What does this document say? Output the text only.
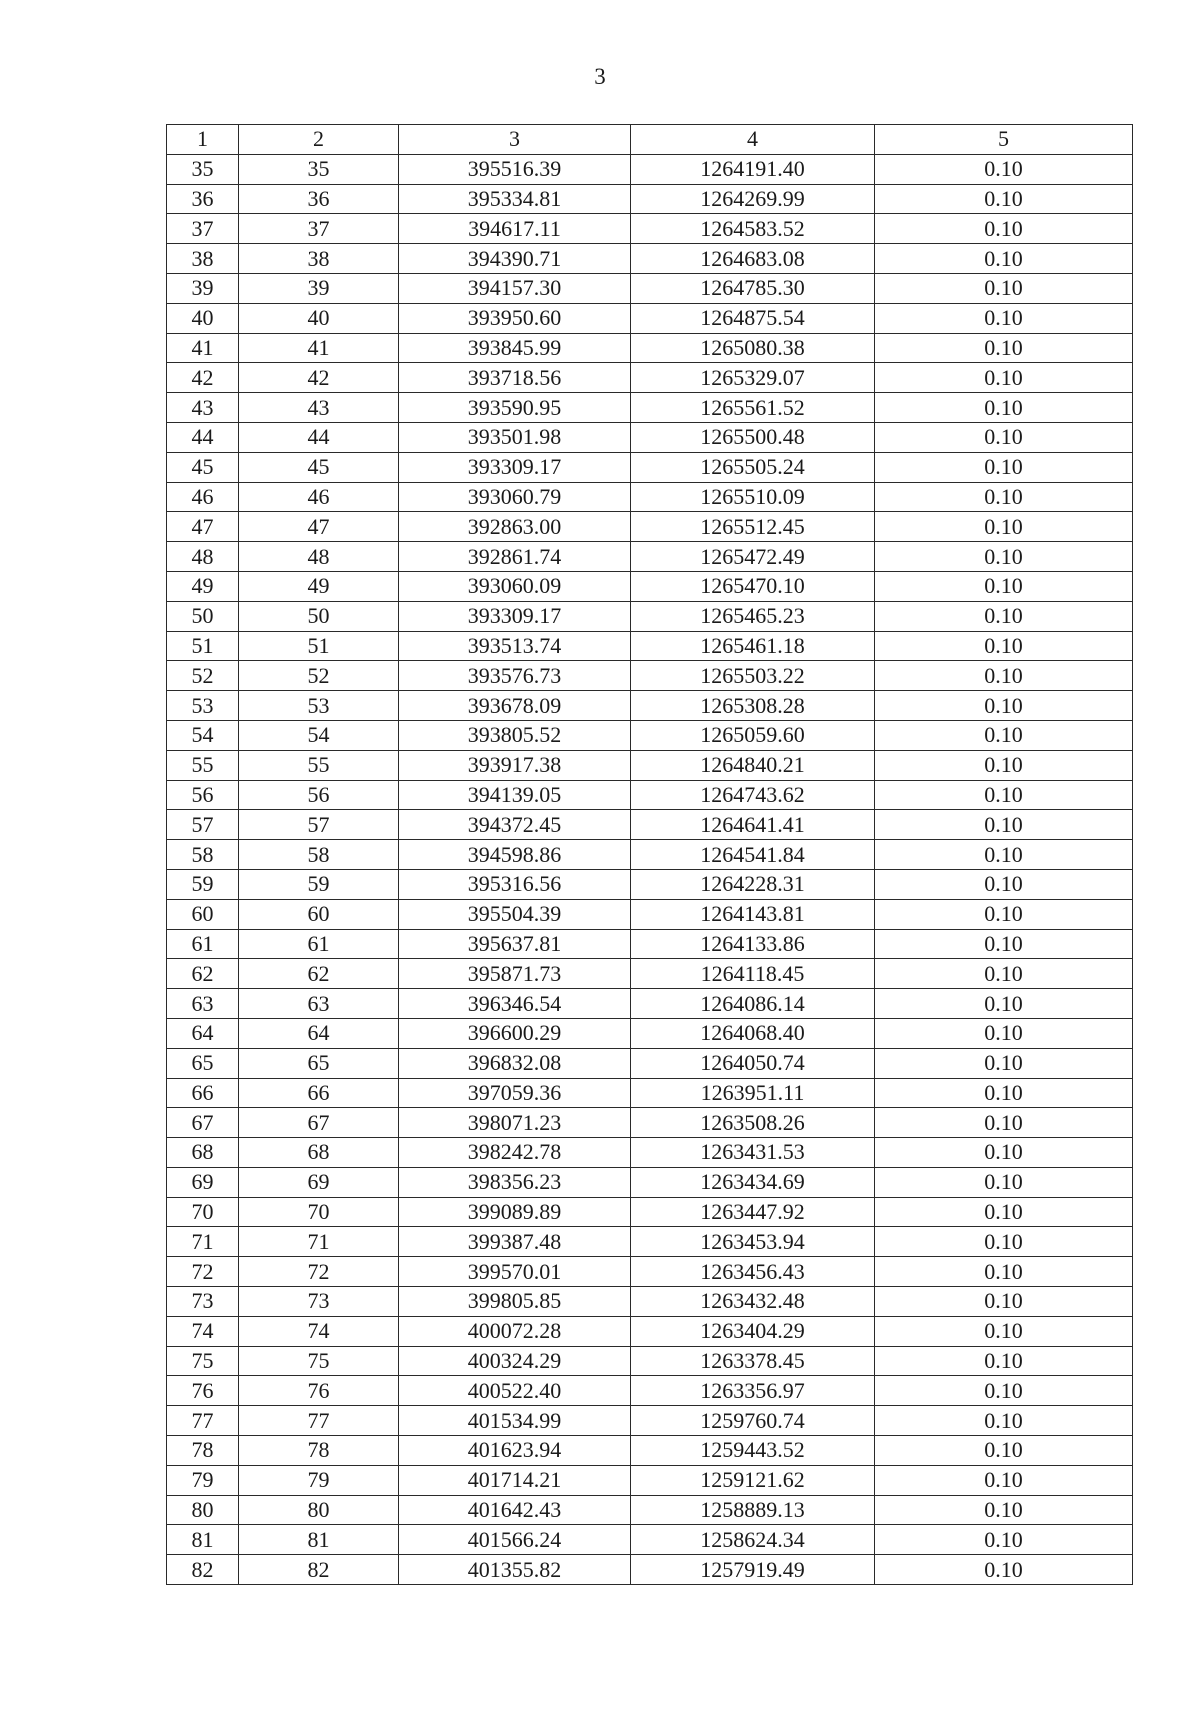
3
1	2	3	4	5
35	35	395516.39	1264191.40	0.10
36	36	395334.81	1264269.99	0.10
37	37	394617.11	1264583.52	0.10
38	38	394390.71	1264683.08	0.10
39	39	394157.30	1264785.30	0.10
40	40	393950.60	1264875.54	0.10
41	41	393845.99	1265080.38	0.10
42	42	393718.56	1265329.07	0.10
43	43	393590.95	1265561.52	0.10
44	44	393501.98	1265500.48	0.10
45	45	393309.17	1265505.24	0.10
46	46	393060.79	1265510.09	0.10
47	47	392863.00	1265512.45	0.10
48	48	392861.74	1265472.49	0.10
49	49	393060.09	1265470.10	0.10
50	50	393309.17	1265465.23	0.10
51	51	393513.74	1265461.18	0.10
52	52	393576.73	1265503.22	0.10
53	53	393678.09	1265308.28	0.10
54	54	393805.52	1265059.60	0.10
55	55	393917.38	1264840.21	0.10
56	56	394139.05	1264743.62	0.10
57	57	394372.45	1264641.41	0.10
58	58	394598.86	1264541.84	0.10
59	59	395316.56	1264228.31	0.10
60	60	395504.39	1264143.81	0.10
61	61	395637.81	1264133.86	0.10
62	62	395871.73	1264118.45	0.10
63	63	396346.54	1264086.14	0.10
64	64	396600.29	1264068.40	0.10
65	65	396832.08	1264050.74	0.10
66	66	397059.36	1263951.11	0.10
67	67	398071.23	1263508.26	0.10
68	68	398242.78	1263431.53	0.10
69	69	398356.23	1263434.69	0.10
70	70	399089.89	1263447.92	0.10
71	71	399387.48	1263453.94	0.10
72	72	399570.01	1263456.43	0.10
73	73	399805.85	1263432.48	0.10
74	74	400072.28	1263404.29	0.10
75	75	400324.29	1263378.45	0.10
76	76	400522.40	1263356.97	0.10
77	77	401534.99	1259760.74	0.10
78	78	401623.94	1259443.52	0.10
79	79	401714.21	1259121.62	0.10
80	80	401642.43	1258889.13	0.10
81	81	401566.24	1258624.34	0.10
82	82	401355.82	1257919.49	0.10
